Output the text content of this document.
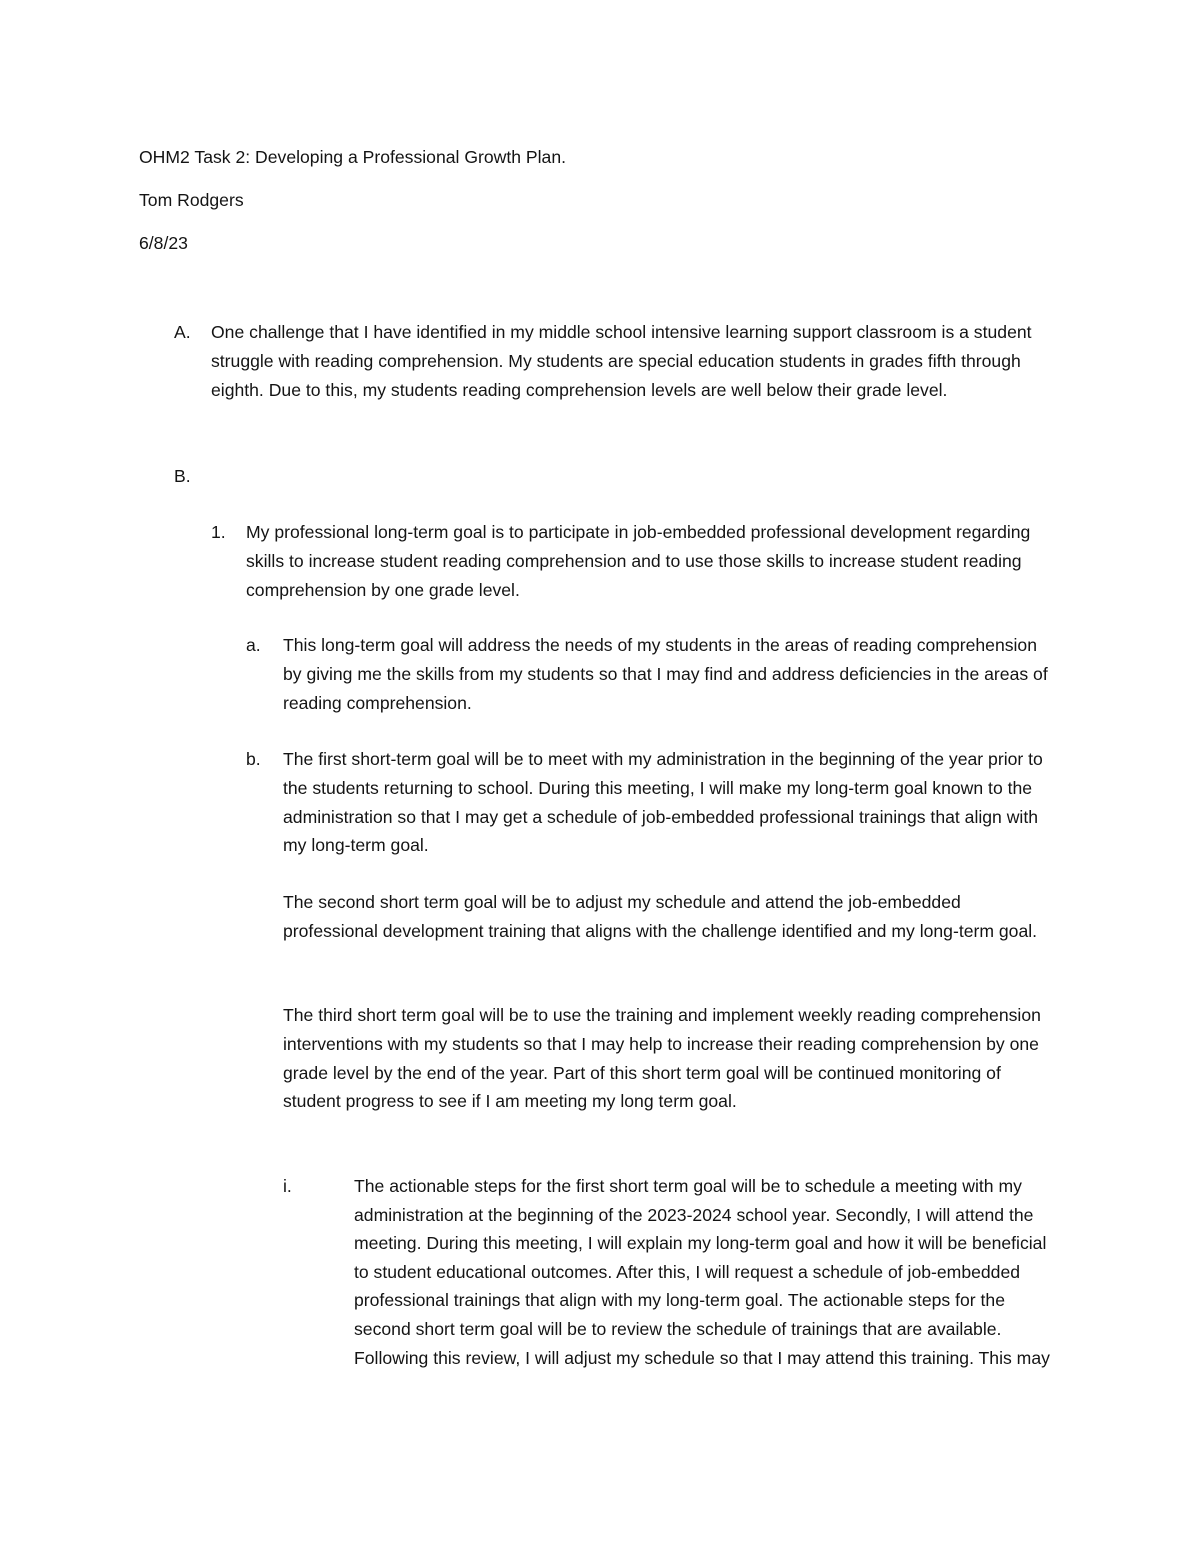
OHM2 Task 2: Developing a Professional Growth Plan.
Tom Rodgers
6/8/23
A. One challenge that I have identified in my middle school intensive learning support classroom is a student struggle with reading comprehension. My students are special education students in grades fifth through eighth. Due to this, my students reading comprehension levels are well below their grade level.

B.
1. My professional long-term goal is to participate in job-embedded professional development regarding skills to increase student reading comprehension and to use those skills to increase student reading comprehension by one grade level.

a. This long-term goal will address the needs of my students in the areas of reading comprehension by giving me the skills from my students so that I may find and address deficiencies in the areas of reading comprehension.

b. The first short-term goal will be to meet with my administration in the beginning of the year prior to the students returning to school. During this meeting, I will make my long-term goal known to the administration so that I may get a schedule of job-embedded professional trainings that align with my long-term goal.

The second short term goal will be to adjust my schedule and attend the job-embedded professional development training that aligns with the challenge identified and my long-term goal.

The third short term goal will be to use the training and implement weekly reading comprehension interventions with my students so that I may help to increase their reading comprehension by one grade level by the end of the year. Part of this short term goal will be continued monitoring of student progress to see if I am meeting my long term goal.

i.	The actionable steps for the first short term goal will be to schedule a meeting with my administration at the beginning of the 2023-2024 school year. Secondly, I will attend the meeting. During this meeting, I will explain my long-term goal and how it will be beneficial to student educational outcomes. After this, I will request a schedule of job-embedded professional trainings that align with my long-term goal. The actionable steps for the second short term goal will be to review the schedule of trainings that are available. Following this review, I will adjust my schedule so that I may attend this training. This may
